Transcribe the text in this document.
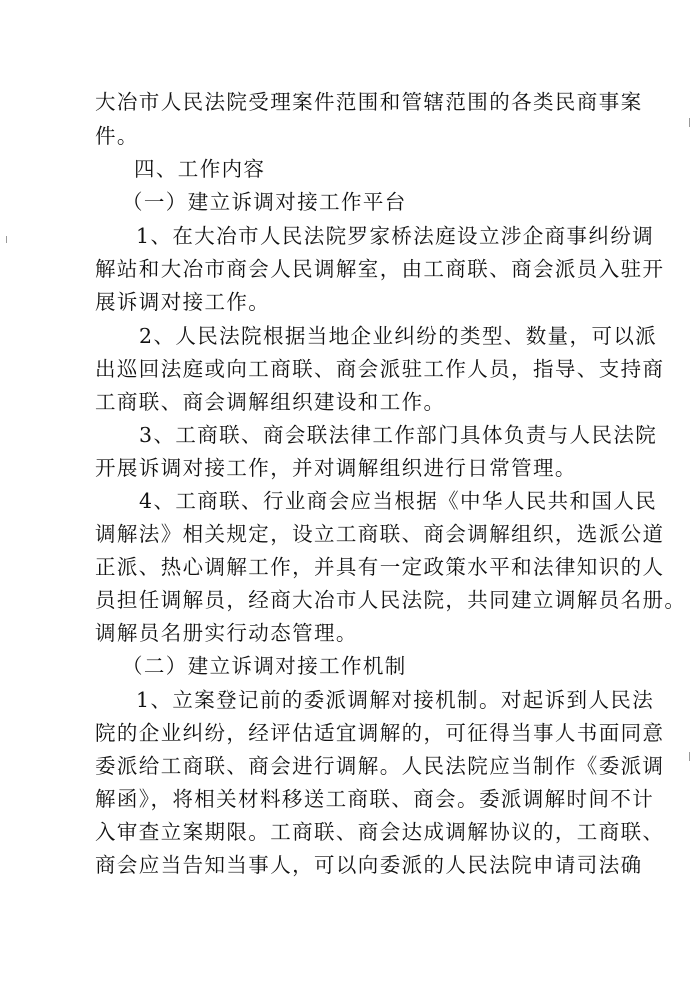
大冶市人民法院受理案件范围和管辖范围的各类民商事案
件。
四、工作内容
（一）建立诉调对接工作平台
1、在大冶市人民法院罗家桥法庭设立涉企商事纠纷调
解站和大冶市商会人民调解室，由工商联、商会派员入驻开
展诉调对接工作。
2、人民法院根据当地企业纠纷的类型、数量，可以派
出巡回法庭或向工商联、商会派驻工作人员，指导、支持商
工商联、商会调解组织建设和工作。
3、工商联、商会联法律工作部门具体负责与人民法院
开展诉调对接工作，并对调解组织进行日常管理。
4、工商联、行业商会应当根据《中华人民共和国人民
调解法》相关规定，设立工商联、商会调解组织，选派公道
正派、热心调解工作，并具有一定政策水平和法律知识的人
员担任调解员，经商大冶市人民法院，共同建立调解员名册。
调解员名册实行动态管理。
（二）建立诉调对接工作机制
1、立案登记前的委派调解对接机制。对起诉到人民法
院的企业纠纷，经评估适宜调解的，可征得当事人书面同意
委派给工商联、商会进行调解。人民法院应当制作《委派调
解函》，将相关材料移送工商联、商会。委派调解时间不计
入审查立案期限。工商联、商会达成调解协议的，工商联、
商会应当告知当事人，可以向委派的人民法院申请司法确
